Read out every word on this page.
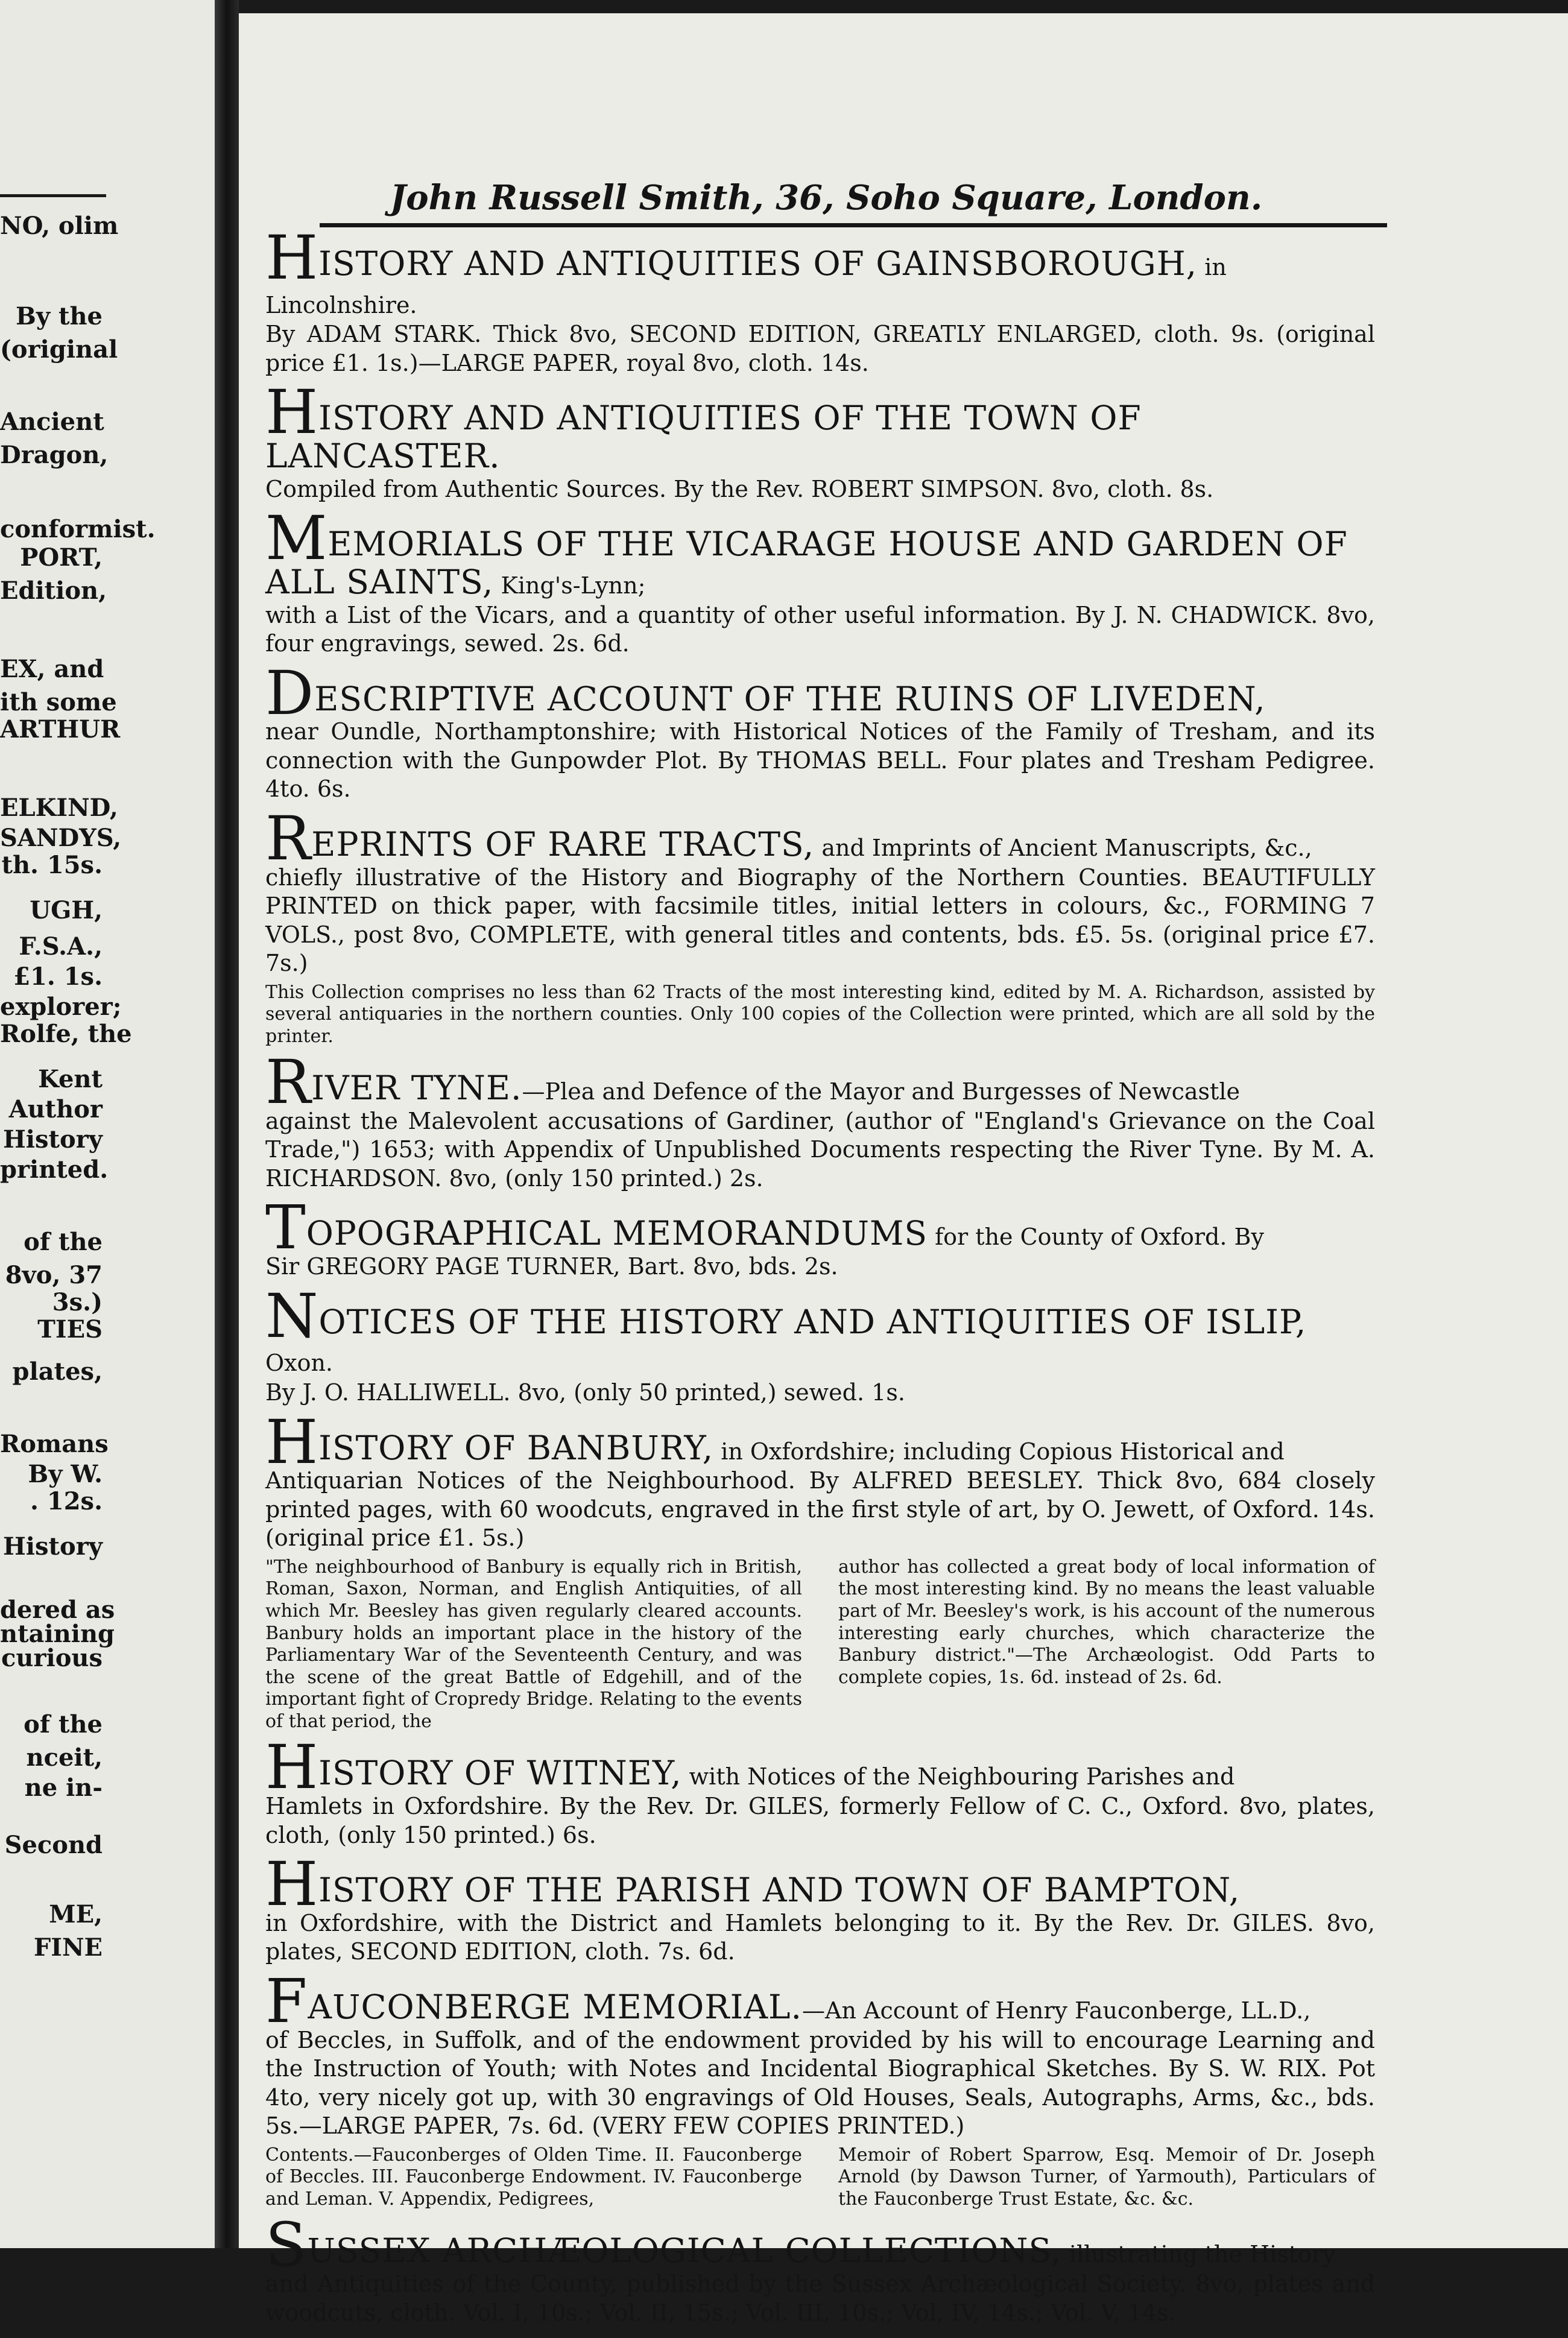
NO, olim
By the
(original
Ancient
Dragon,
conformist.
PORT,
Edition,
EX, and
ith some
ARTHUR
ELKIND,
SANDYS,
th. 15s.
UGH,
F.S.A.,
£1. 1s.
explorer;
Rolfe, the
Kent
Author
History
printed.
of the
8vo, 37
3s.)
TIES
plates,
Romans
By W.
. 12s.
History
dered as
ntaining
curious
of the
nceit,
ne in-
Second
ME,
FINE
John Russell Smith, 36, Soho Square, London.
HISTORY AND ANTIQUITIES OF GAINSBOROUGH, in Lincolnshire.
By ADAM STARK. Thick 8vo, SECOND EDITION, GREATLY ENLARGED, cloth. 9s. (original price £1. 1s.)—LARGE PAPER, royal 8vo, cloth. 14s.
HISTORY AND ANTIQUITIES OF THE TOWN OF LANCASTER.
Compiled from Authentic Sources. By the Rev. ROBERT SIMPSON. 8vo, cloth. 8s.
MEMORIALS OF THE VICARAGE HOUSE AND GARDEN OF ALL SAINTS, King's-Lynn;
with a List of the Vicars, and a quantity of other useful information. By J. N. CHADWICK. 8vo, four engravings, sewed. 2s. 6d.
DESCRIPTIVE ACCOUNT OF THE RUINS OF LIVEDEN,
near Oundle, Northamptonshire; with Historical Notices of the Family of Tresham, and its connection with the Gunpowder Plot. By THOMAS BELL. Four plates and Tresham Pedigree. 4to. 6s.
REPRINTS OF RARE TRACTS, and Imprints of Ancient Manuscripts, &c.,
chiefly illustrative of the History and Biography of the Northern Counties. BEAUTIFULLY PRINTED on thick paper, with facsimile titles, initial letters in colours, &c., FORMING 7 VOLS., post 8vo, COMPLETE, with general titles and contents, bds. £5. 5s. (original price £7. 7s.)
This Collection comprises no less than 62 Tracts of the most interesting kind, edited by M. A. Richardson, assisted by several antiquaries in the northern counties. Only 100 copies of the Collection were printed, which are all sold by the printer.
RIVER TYNE.—Plea and Defence of the Mayor and Burgesses of Newcastle
against the Malevolent accusations of Gardiner, (author of "England's Grievance on the Coal Trade,") 1653; with Appendix of Unpublished Documents respecting the River Tyne. By M. A. RICHARDSON. 8vo, (only 150 printed.) 2s.
TOPOGRAPHICAL MEMORANDUMS for the County of Oxford. By
Sir GREGORY PAGE TURNER, Bart. 8vo, bds. 2s.
NOTICES OF THE HISTORY AND ANTIQUITIES OF ISLIP, Oxon.
By J. O. HALLIWELL. 8vo, (only 50 printed,) sewed. 1s.
HISTORY OF BANBURY, in Oxfordshire; including Copious Historical and
Antiquarian Notices of the Neighbourhood. By ALFRED BEESLEY. Thick 8vo, 684 closely printed pages, with 60 woodcuts, engraved in the first style of art, by O. Jewett, of Oxford. 14s. (original price £1. 5s.)
"The neighbourhood of Banbury is equally rich in British, Roman, Saxon, Norman, and English Antiquities, of all which Mr. Beesley has given regularly cleared accounts. Banbury holds an important place in the history of the Parliamentary War of the Seventeenth Century, and was the scene of the great Battle of Edgehill, and of the important fight of Cropredy Bridge. Relating to the events of that period, the
author has collected a great body of local information of the most interesting kind. By no means the least valuable part of Mr. Beesley's work, is his account of the numerous interesting early churches, which characterize the Banbury district."—The Archæologist. Odd Parts to complete copies, 1s. 6d. instead of 2s. 6d.
HISTORY OF WITNEY, with Notices of the Neighbouring Parishes and
Hamlets in Oxfordshire. By the Rev. Dr. GILES, formerly Fellow of C. C., Oxford. 8vo, plates, cloth, (only 150 printed.) 6s.
HISTORY OF THE PARISH AND TOWN OF BAMPTON,
in Oxfordshire, with the District and Hamlets belonging to it. By the Rev. Dr. GILES. 8vo, plates, SECOND EDITION, cloth. 7s. 6d.
FAUCONBERGE MEMORIAL.—An Account of Henry Fauconberge, LL.D.,
of Beccles, in Suffolk, and of the endowment provided by his will to encourage Learning and the Instruction of Youth; with Notes and Incidental Biographical Sketches. By S. W. RIX. Pot 4to, very nicely got up, with 30 engravings of Old Houses, Seals, Autographs, Arms, &c., bds. 5s.—LARGE PAPER, 7s. 6d. (VERY FEW COPIES PRINTED.)
Contents.—Fauconberges of Olden Time. II. Fauconberge of Beccles. III. Fauconberge Endowment. IV. Fauconberge and Leman. V. Appendix, Pedigrees,
Memoir of Robert Sparrow, Esq. Memoir of Dr. Joseph Arnold (by Dawson Turner, of Yarmouth), Particulars of the Fauconberge Trust Estate, &c. &c.
SUSSEX ARCHÆOLOGICAL COLLECTIONS, illustrating the History
and Antiquities of the County, published by the Sussex Archæological Society. 8vo, plates and woodcuts, cloth. Vol. I, 10s.; Vol. II, 15s.; Vol. III, 10s.; Vol, IV, 14s.; Vol. V, 14s.
